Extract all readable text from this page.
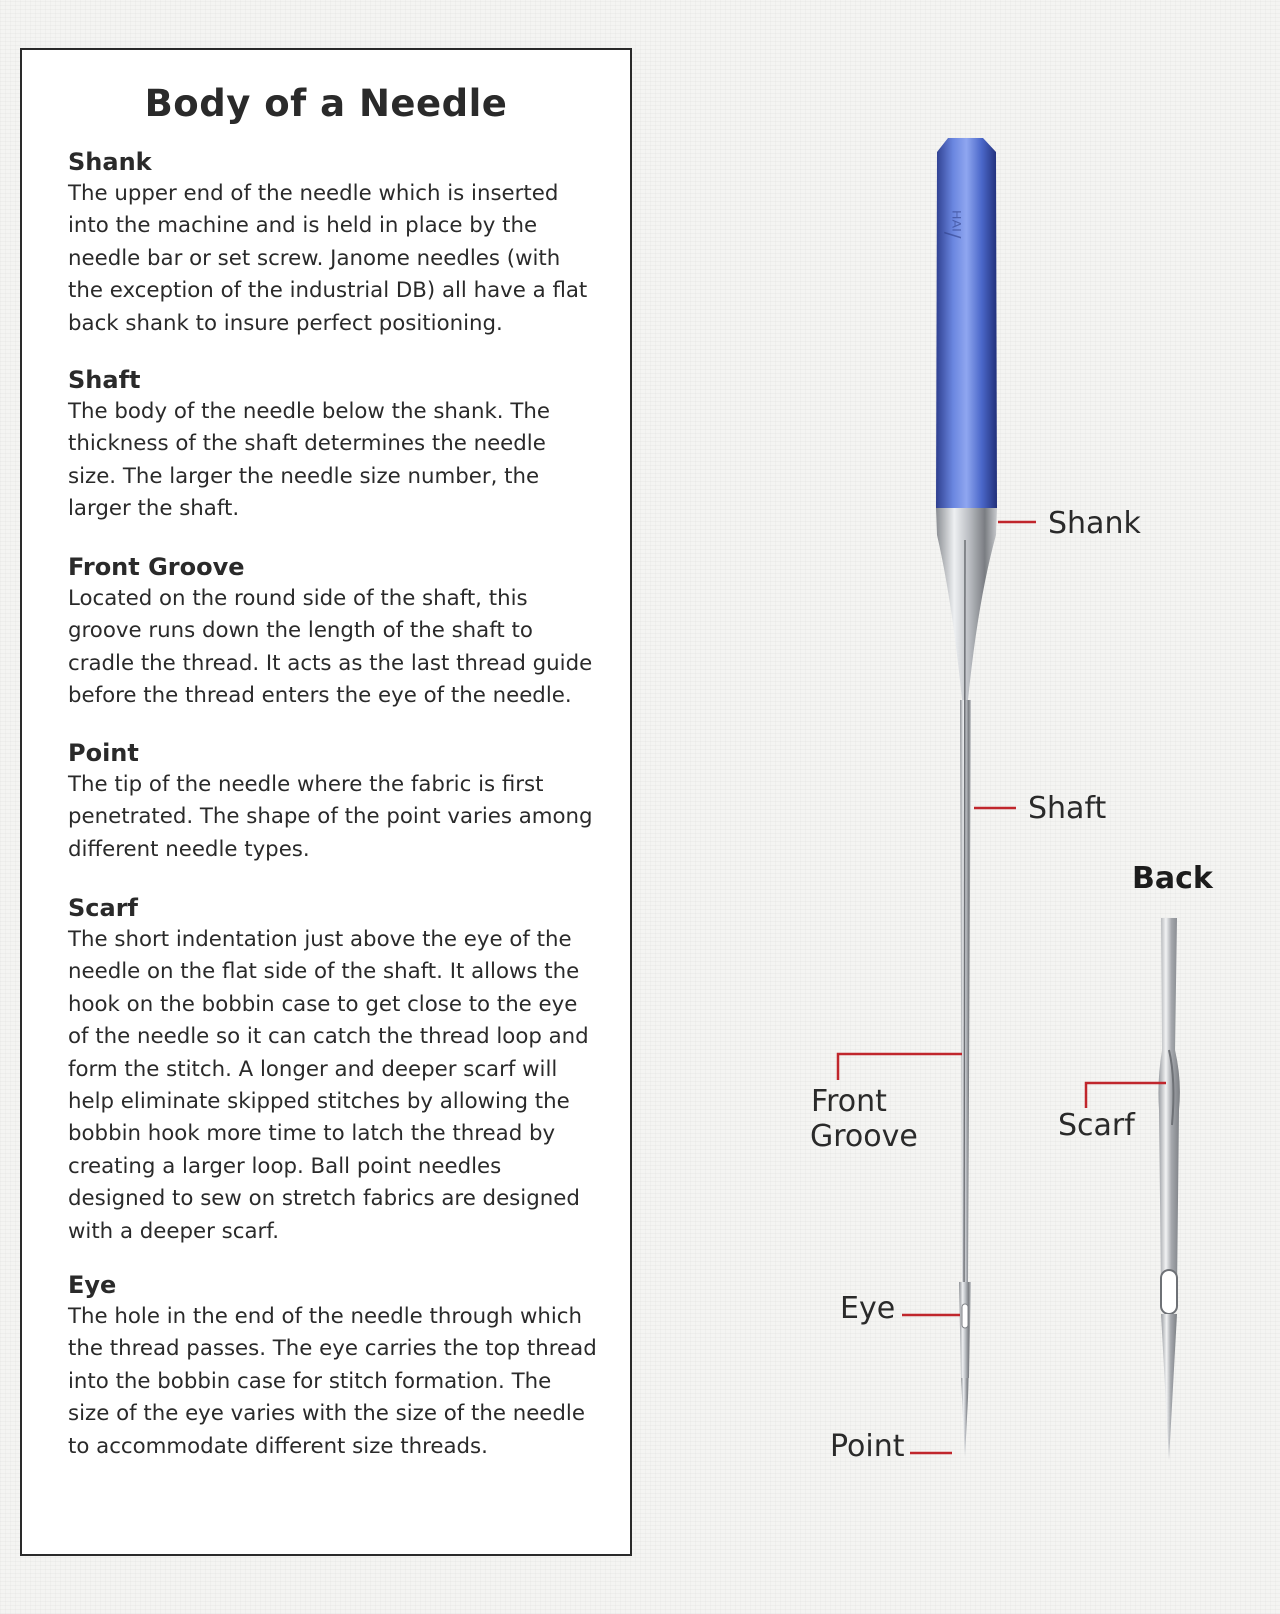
Body of a Needle
Shank

The upper end of the needle which is inserted into the machine and is held in place by the needle bar or set screw. Janome needles (with the exception of the industrial DB) all have a flat back shank to insure perfect positioning.

Shaft

The body of the needle below the shank. The thickness of the shaft determines the needle size. The larger the needle size number, the larger the shaft.

Front Groove

Located on the round side of the shaft, this groove runs down the length of the shaft to cradle the thread. It acts as the last thread guide before the thread enters the eye of the needle.

Point

The tip of the needle where the fabric is first penetrated. The shape of the point varies among different needle types.

Scarf

The short indentation just above the eye of the needle on the flat side of the shaft. It allows the hook on the bobbin case to get close to the eye of the needle so it can catch the thread loop and form the stitch. A longer and deeper scarf will help eliminate skipped stitches by allowing the bobbin hook more time to latch the thread by creating a larger loop. Ball point needles designed to sew on stretch fabrics are designed with a deeper scarf.

Eye

The hole in the end of the needle through which the thread passes. The eye carries the top thread into the bobbin case for stitch formation. The size of the eye varies with the size of the needle to accommodate different size threads.

ᴴᴬᴵ/
Shank
Shaft
Front
Groove
Eye
Point
Scarf
Back
